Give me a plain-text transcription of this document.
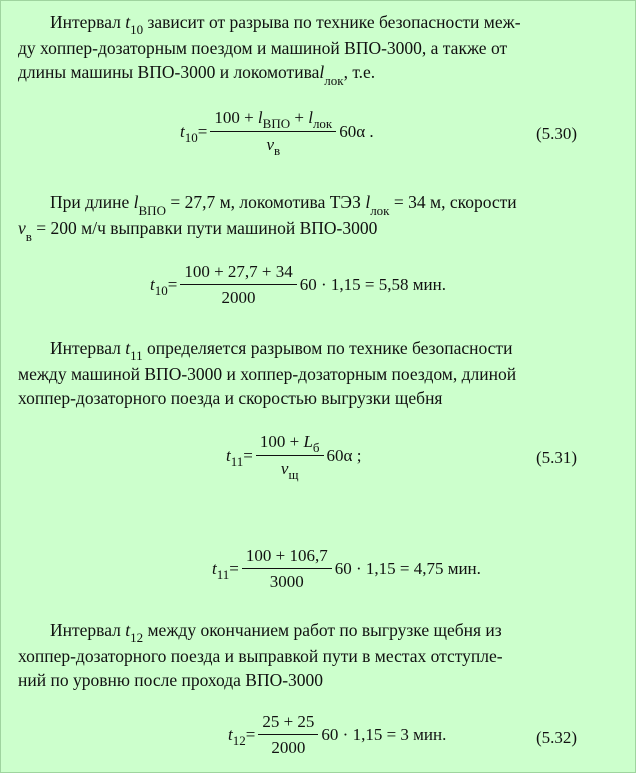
Интервал $t_{10}$ зависит от разрыва по технике безопасности меж-
ду хоппер-дозаторным поездом и машиной ВПО-3000, а также от
длины машины ВПО-3000 и локомотиваl$_{лок}$, т.е.

t $10 = \frac{100 + l_{ВПО} + l_{лок}}{v_в} 60\alpha$ .	(5.30)

При длине $l_{ВПО} = 27,7$ м, локомотива ТЭЗ $l_{лок} = 34$ м, скорости
$v_в = 200$ м/ч выправки пути машиной ВПО-3000

t $10 = \frac{100 + 27,7 + 34}{2000} 60 \cdot 1,15 = 5,58$ мин.

Интервал $t_{11}$ определяется разрывом по технике безопасности
между машиной ВПО-3000 и хоппер-дозаторным поездом, длиной
хоппер-дозаторного поезда и скоростью выгрузки щебня

t $11 = \frac{100 + L_б}{v_щ} 60\alpha$ ;	(5.31)
t $11 = \frac{100 + 106,7}{3000} 60 \cdot 1,15 = 4,75$ мин.

Интервал $t_{12}$ между окончанием работ по выгрузке щебня из
хоппер-дозаторного поезда и выправкой пути в местах отступле-
ний по уровню после прохода ВПО-3000

t $12 = \frac{25 + 25}{2000} 60 \cdot 1,15 = 3$ мин.	(5.32)
